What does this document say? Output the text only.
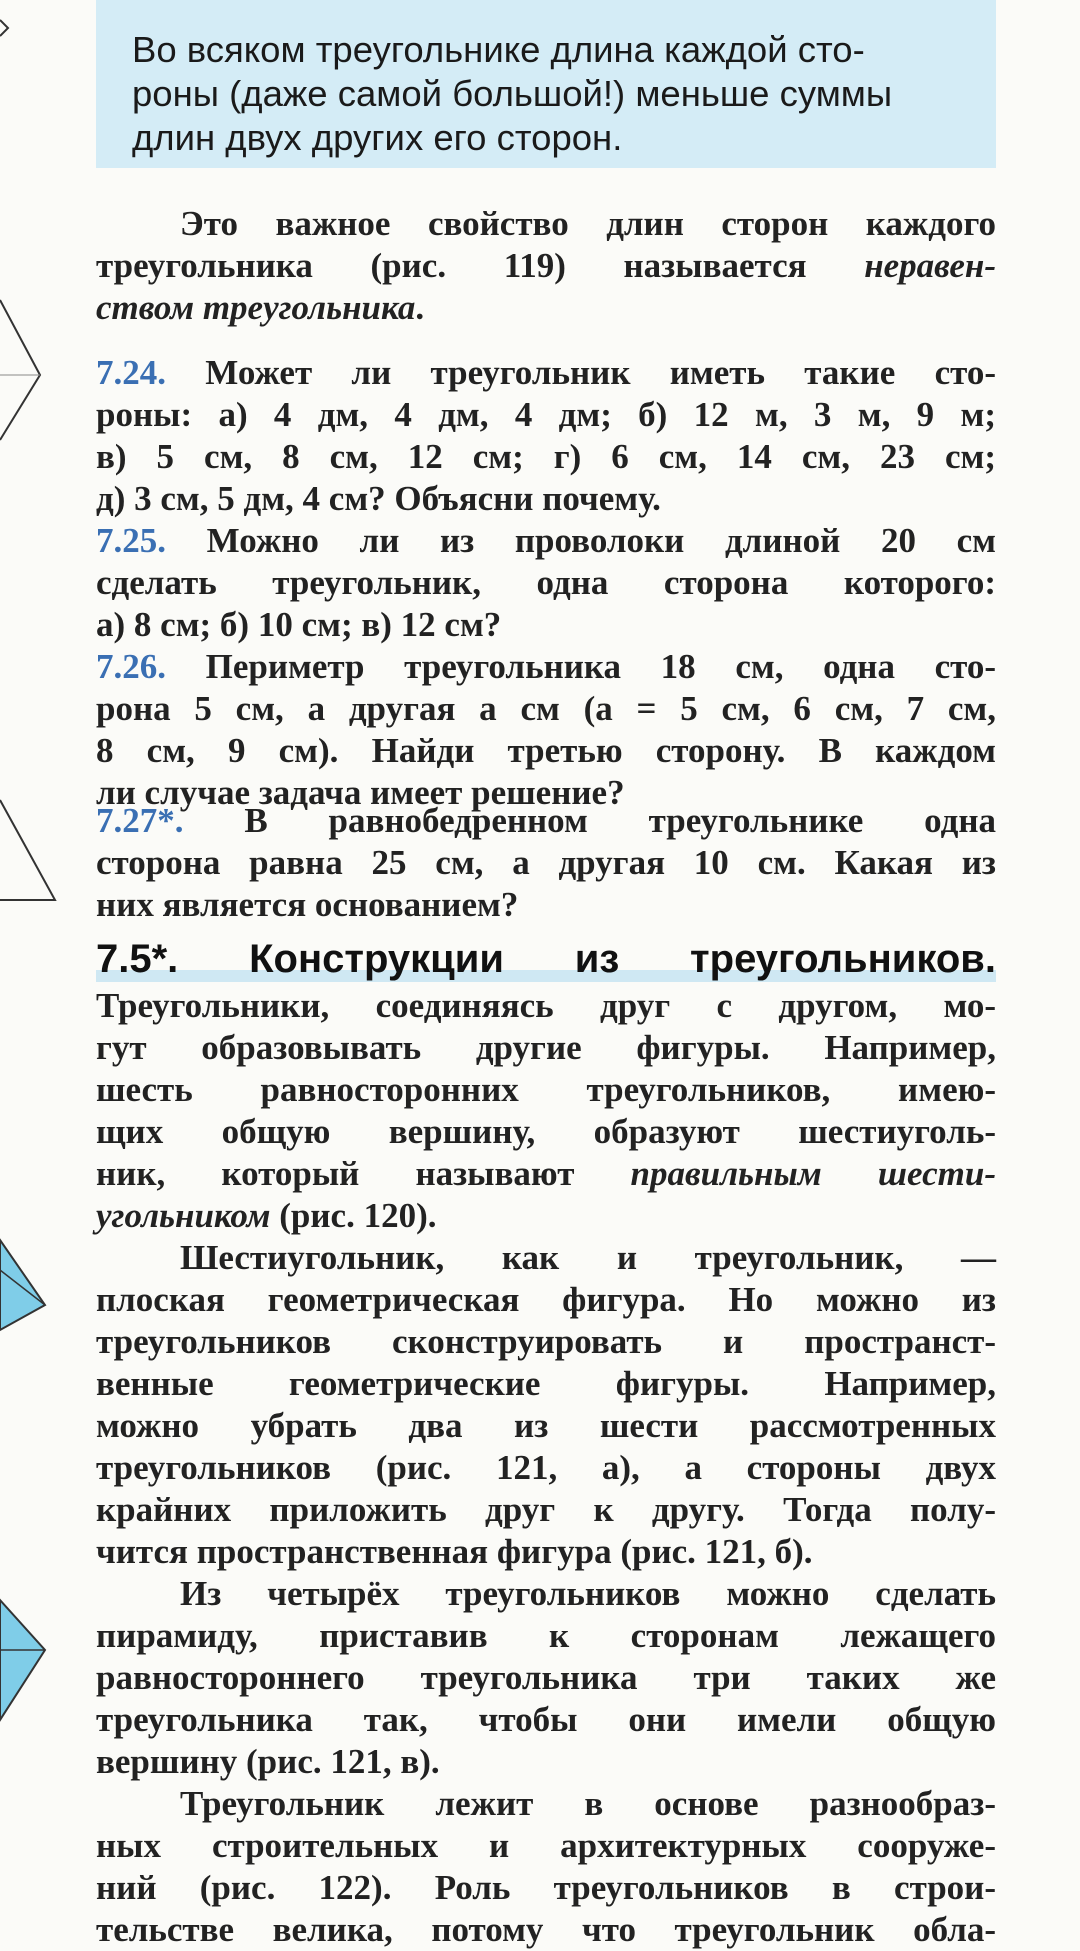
Во всяком треугольнике длина каждой сто-
роны (даже самой большой!) меньше суммы
длин двух других его сторон.
Это важное свойство длин сторон каждого
треугольника (рис. 119) называется неравен-
ством треугольника.
7.24. Может ли треугольник иметь такие сто-
роны: а) 4 дм, 4 дм, 4 дм; б) 12 м, 3 м, 9 м;
в) 5 см, 8 см, 12 см; г) 6 см, 14 см, 23 см;
д) 3 см, 5 дм, 4 см? Объясни почему.
7.25. Можно ли из проволоки длиной 20 см
сделать треугольник, одна сторона которого:
а) 8 см; б) 10 см; в) 12 см?
7.26. Периметр треугольника 18 см, одна сто-
рона 5 см, а другая а см (а = 5 см, 6 см, 7 см,
8 см, 9 см). Найди третью сторону. В каждом
ли случае задача имеет решение?
7.27*. В равнобедренном треугольнике одна
сторона равна 25 см, а другая 10 см. Какая из
них является основанием?
7.5*. Конструкции из треугольников.
Треугольники, соединяясь друг с другом, мо-
гут образовывать другие фигуры. Например,
шесть равносторонних треугольников, имею-
щих общую вершину, образуют шестиуголь-
ник, который называют правильным шести-
угольником (рис. 120).
Шестиугольник, как и треугольник, —
плоская геометрическая фигура. Но можно из
треугольников сконструировать и пространст-
венные геометрические фигуры. Например,
можно убрать два из шести рассмотренных
треугольников (рис. 121, а), а стороны двух
крайних приложить друг к другу. Тогда полу-
чится пространственная фигура (рис. 121, б).
Из четырёх треугольников можно сделать
пирамиду, приставив к сторонам лежащего
равностороннего треугольника три таких же
треугольника так, чтобы они имели общую
вершину (рис. 121, в).
Треугольник лежит в основе разнообраз-
ных строительных и архитектурных сооруже-
ний (рис. 122). Роль треугольников в строи-
тельстве велика, потому что треугольник обла-
